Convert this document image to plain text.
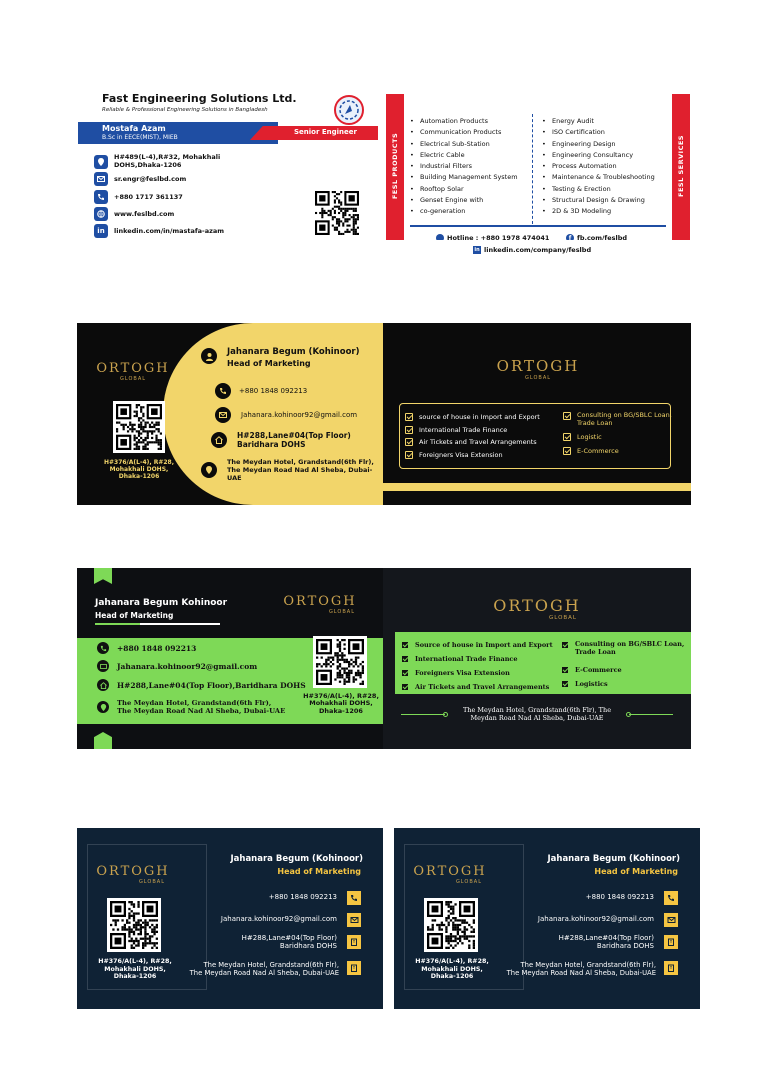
Fast Engineering Solutions Ltd.
Reliable & Professional Engineering Solutions in Bangladesh
Mostafa Azam
B.Sc in EECE(MIST), MIEB
Senior Engineer
H#489(L-4),R#32, Mohakhali DOHS,Dhaka-1206
sr.engr@feslbd.com
+880 1717 361137
www.feslbd.com
in	linkedin.com/in/mastafa-azam
FESL PRODUCTS	FESL SERVICES
• Automation Products
• Communication Products
• Electrical Sub-Station
• Electric Cable
• Industrial Filters
• Building Management System
• Rooftop Solar
• Genset Engine with
• co-generation
• Energy Audit
• ISO Certification
• Engineering Design
• Engineering Consultancy
• Process Automation
• Maintenance & Troubleshooting
• Testing & Erection
• Structural Design & Drawing
• 2D & 3D Modeling
Hotline : +880 1978 474041	f fb.com/feslbd
in linkedin.com/company/feslbd
ORTOGH
GLOBAL
H#376/A(L-4), R#28, Mohakhali DOHS, Dhaka-1206
Jahanara Begum (Kohinoor)
Head of Marketing
+880 1848 092213
Jahanara.kohinoor92@gmail.com
H#288,Lane#04(Top Floor) Baridhara DOHS
The Meydan Hotel, Grandstand(6th Flr), The Meydan Road Nad Al Sheba, Dubai-UAE
ORTOGH
GLOBAL
source of house in Import and Export
International Trade Finance
Air Tickets and Travel Arrangements
Foreigners Visa Extension
Consulting on BG/SBLC Loan, Trade Loan
Logistic
E-Commerce
Jahanara Begum Kohinoor
Head of Marketing
ORTOGH
GLOBAL
H#376/A(L-4), R#28, Mohakhali DOHS, Dhaka-1206
+880 1848 092213
Jahanara.kohinoor92@gmail.com
H#288,Lane#04(Top Floor),Baridhara DOHS
The Meydan Hotel, Grandstand(6th Flr), The Meydan Road Nad Al Sheba, Dubai-UAE
ORTOGH
GLOBAL
Source of house in Import and Export
International Trade Finance
Foreigners Visa Extension
Air Tickets and Travel Arrangements
Consulting on BG/SBLC Loan, Trade Loan
E-Commerce
Logistics
The Meydan Hotel, Grandstand(6th Flr), The Meydan Road Nad Al Sheba, Dubai-UAE
ORTOGH
GLOBAL
H#376/A(L-4), R#28, Mohakhali DOHS, Dhaka-1206
Jahanara Begum (Kohinoor)
Head of Marketing
+880 1848 092213
Jahanara.kohinoor92@gmail.com
H#288,Lane#04(Top Floor) Baridhara DOHS
The Meydan Hotel, Grandstand(6th Flr), The Meydan Road Nad Al Sheba, Dubai-UAE
ORTOGH
GLOBAL
H#376/A(L-4), R#28, Mohakhali DOHS, Dhaka-1206
Jahanara Begum (Kohinoor)
Head of Marketing
+880 1848 092213
Jahanara.kohinoor92@gmail.com
H#288,Lane#04(Top Floor) Baridhara DOHS
The Meydan Hotel, Grandstand(6th Flr), The Meydan Road Nad Al Sheba, Dubai-UAE
